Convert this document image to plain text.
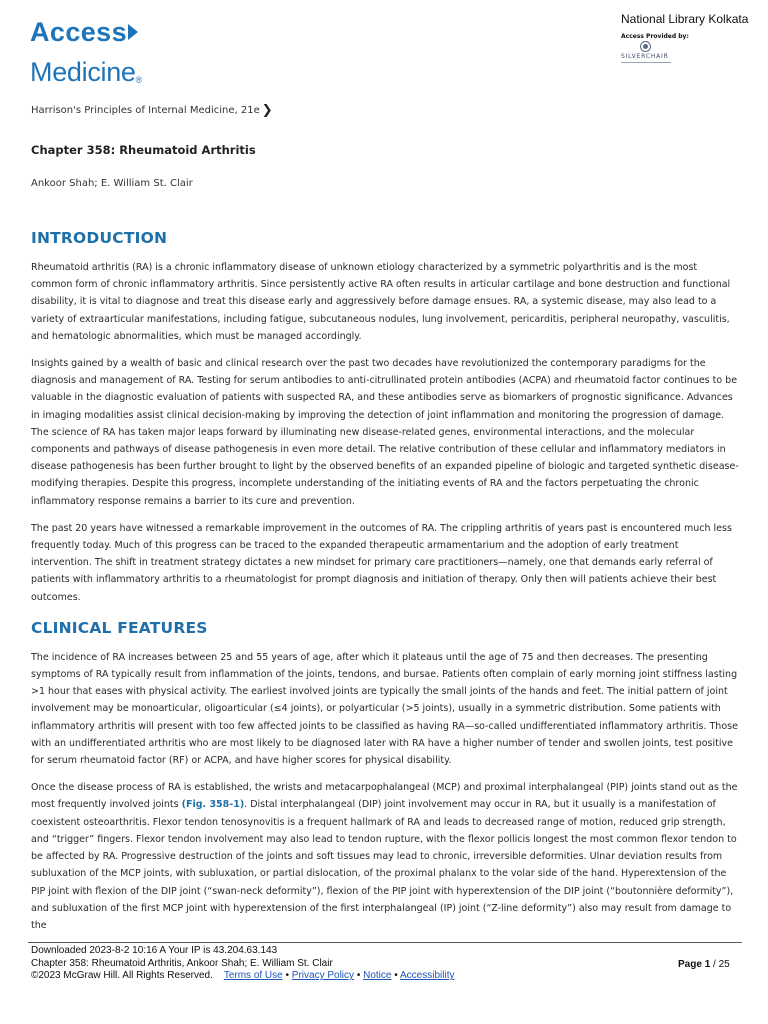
AccessMedicine®
National Library Kolkata
Access Provided by:
SILVERCHAIR
Harrison's Principles of Internal Medicine, 21e ❯
Chapter 358: Rheumatoid Arthritis
Ankoor Shah; E. William St. Clair
INTRODUCTION

Rheumatoid arthritis (RA) is a chronic inflammatory disease of unknown etiology characterized by a symmetric polyarthritis and is the most common form of chronic inflammatory arthritis. Since persistently active RA often results in articular cartilage and bone destruction and functional disability, it is vital to diagnose and treat this disease early and aggressively before damage ensues. RA, a systemic disease, may also lead to a variety of extraarticular manifestations, including fatigue, subcutaneous nodules, lung involvement, pericarditis, peripheral neuropathy, vasculitis, and hematologic abnormalities, which must be managed accordingly.

Insights gained by a wealth of basic and clinical research over the past two decades have revolutionized the contemporary paradigms for the diagnosis and management of RA. Testing for serum antibodies to anti-citrullinated protein antibodies (ACPA) and rheumatoid factor continues to be valuable in the diagnostic evaluation of patients with suspected RA, and these antibodies serve as biomarkers of prognostic significance. Advances in imaging modalities assist clinical decision-making by improving the detection of joint inflammation and monitoring the progression of damage. The science of RA has taken major leaps forward by illuminating new disease-related genes, environmental interactions, and the molecular components and pathways of disease pathogenesis in even more detail. The relative contribution of these cellular and inflammatory mediators in disease pathogenesis has been further brought to light by the observed benefits of an expanded pipeline of biologic and targeted synthetic disease-modifying therapies. Despite this progress, incomplete understanding of the initiating events of RA and the factors perpetuating the chronic inflammatory response remains a barrier to its cure and prevention.

The past 20 years have witnessed a remarkable improvement in the outcomes of RA. The crippling arthritis of years past is encountered much less frequently today. Much of this progress can be traced to the expanded therapeutic armamentarium and the adoption of early treatment intervention. The shift in treatment strategy dictates a new mindset for primary care practitioners—namely, one that demands early referral of patients with inflammatory arthritis to a rheumatologist for prompt diagnosis and initiation of therapy. Only then will patients achieve their best outcomes.

CLINICAL FEATURES

The incidence of RA increases between 25 and 55 years of age, after which it plateaus until the age of 75 and then decreases. The presenting symptoms of RA typically result from inflammation of the joints, tendons, and bursae. Patients often complain of early morning joint stiffness lasting >1 hour that eases with physical activity. The earliest involved joints are typically the small joints of the hands and feet. The initial pattern of joint involvement may be monoarticular, oligoarticular (≤4 joints), or polyarticular (>5 joints), usually in a symmetric distribution. Some patients with inflammatory arthritis will present with too few affected joints to be classified as having RA—so-called undifferentiated inflammatory arthritis. Those with an undifferentiated arthritis who are most likely to be diagnosed later with RA have a higher number of tender and swollen joints, test positive for serum rheumatoid factor (RF) or ACPA, and have higher scores for physical disability.

Once the disease process of RA is established, the wrists and metacarpophalangeal (MCP) and proximal interphalangeal (PIP) joints stand out as the most frequently involved joints (Fig. 358-1). Distal interphalangeal (DIP) joint involvement may occur in RA, but it usually is a manifestation of coexistent osteoarthritis. Flexor tendon tenosynovitis is a frequent hallmark of RA and leads to decreased range of motion, reduced grip strength, and “trigger” fingers. Flexor tendon involvement may also lead to tendon rupture, with the flexor pollicis longest the most common flexor tendon to be affected by RA. Progressive destruction of the joints and soft tissues may lead to chronic, irreversible deformities. Ulnar deviation results from subluxation of the MCP joints, with subluxation, or partial dislocation, of the proximal phalanx to the volar side of the hand. Hyperextension of the PIP joint with flexion of the DIP joint (“swan-neck deformity”), flexion of the PIP joint with hyperextension of the DIP joint (“boutonnière deformity”), and subluxation of the first MCP joint with hyperextension of the first interphalangeal (IP) joint (“Z-line deformity”) also may result from damage to the

Downloaded 2023-8-2 10:16 A Your IP is 43.204.63.143
Chapter 358: Rheumatoid Arthritis, Ankoor Shah; E. William St. Clair
©2023 McGraw Hill. All Rights Reserved. Terms of Use • Privacy Policy • Notice • Accessibility
Page 1 / 25
